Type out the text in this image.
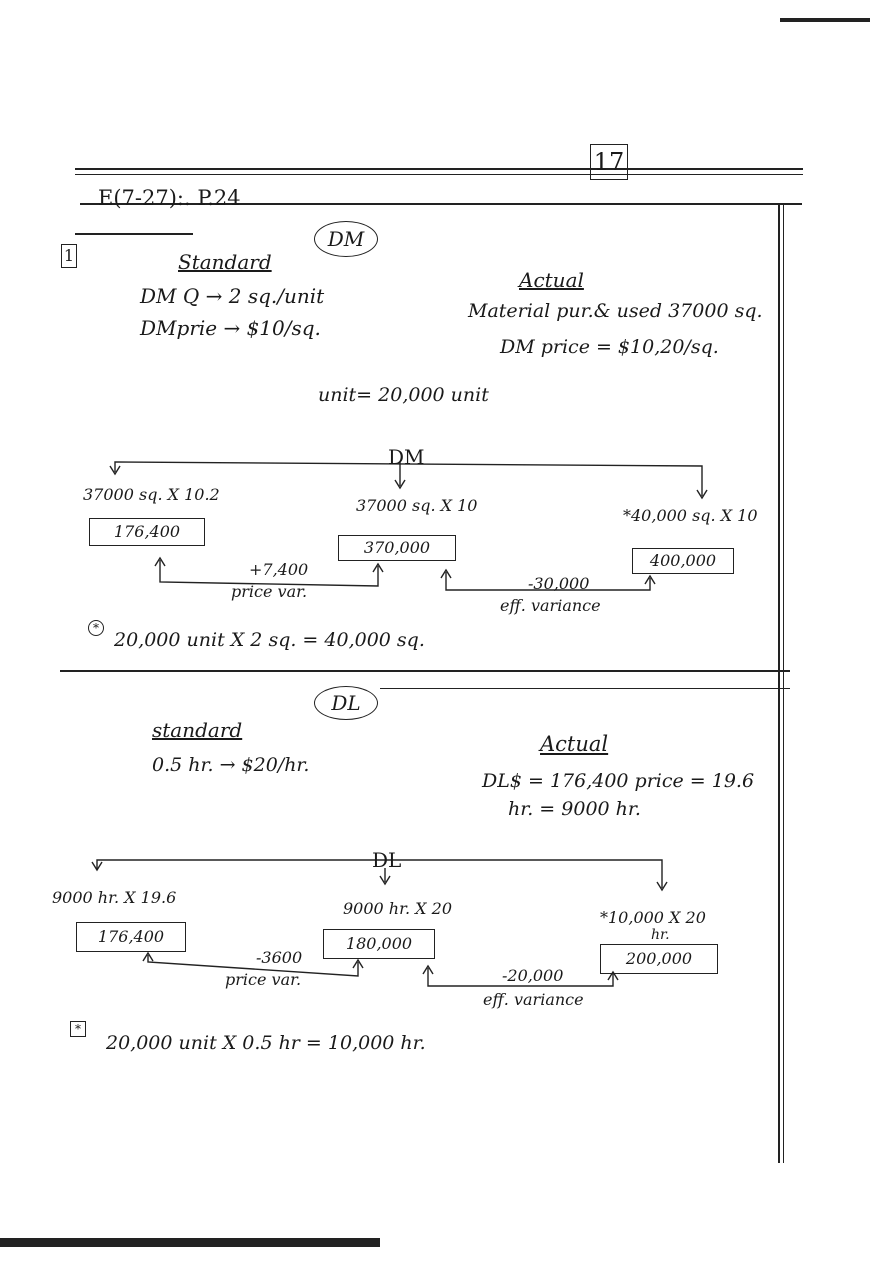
17
E(7-27):. P.24
1
DM
Standard
DM Q → 2 sq./unit
DMprie → $10/sq.
Actual
Material pur.& used 37000 sq.
DM price = $10,20/sq.
unit= 20,000 unit
DM
37000 sq. X 10.2
176,400
37000 sq. X 10
370,000
*40,000 sq. X 10
400,000
+7,400
price var.	-30,000
eff. variance
*
20,000 unit X 2 sq. = 40,000 sq.
DL
standard
0.5 hr. → $20/hr.
Actual
DL$ = 176,400 price = 19.6
hr. = 9000 hr.
DL
9000 hr. X 19.6
176,400
9000 hr. X 20
180,000
*10,000 X 20
hr.
200,000
-3600
price var.	-20,000
eff. variance
*
20,000 unit X 0.5 hr = 10,000 hr.
